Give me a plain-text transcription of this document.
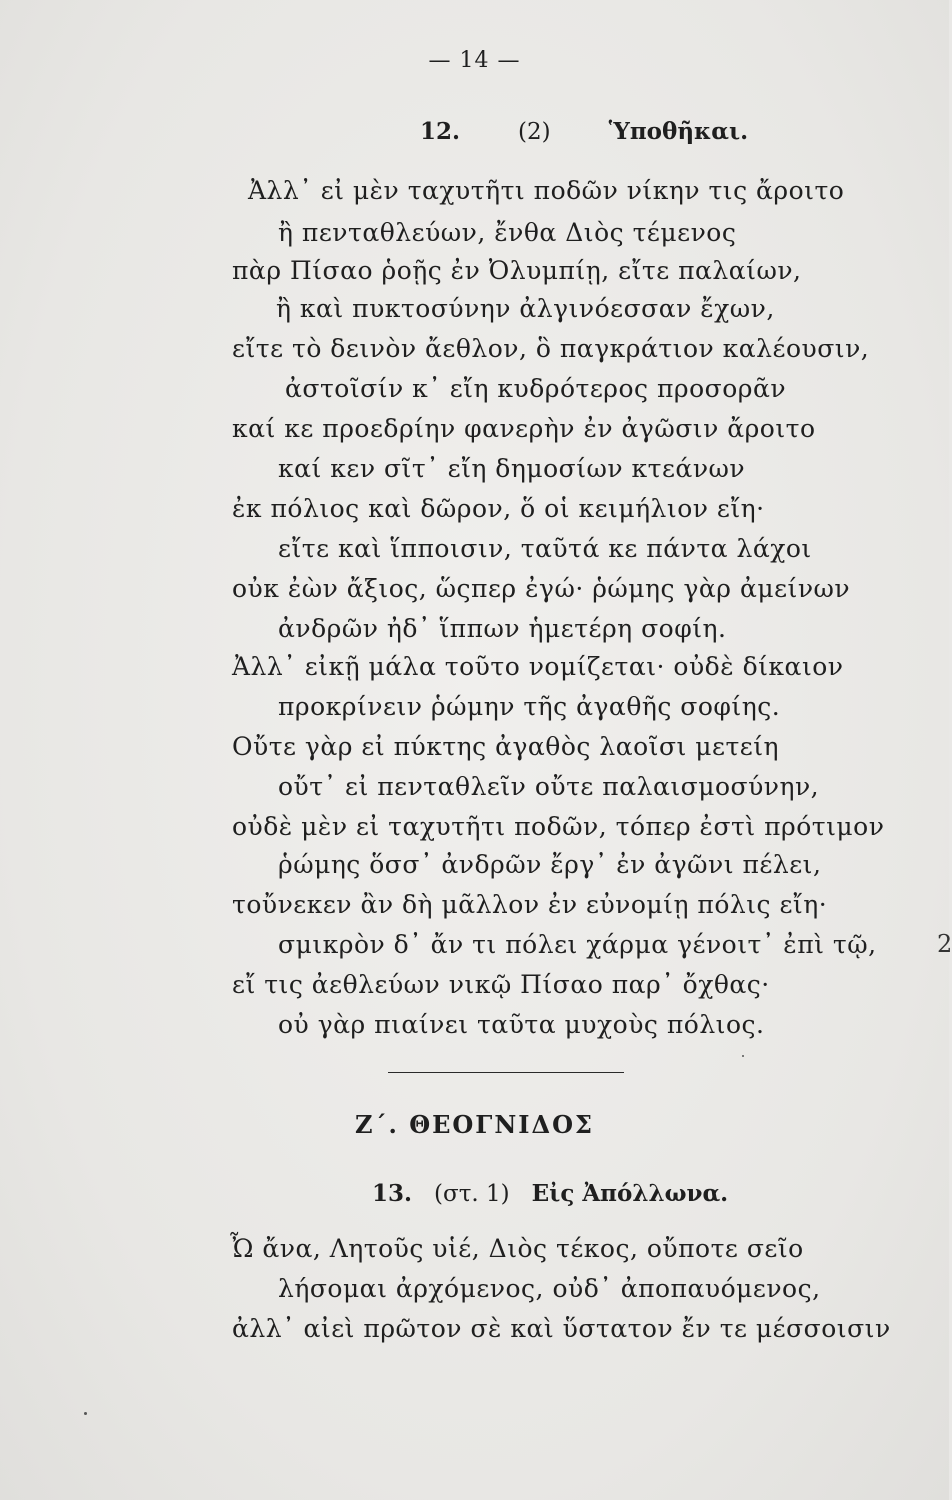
— 14 —
12.	(2)	Ὑποθῆκαι.
Ἀλλ᾿ εἰ μὲν ταχυτῆτι ποδῶν νίκην τις ἄροιτο
ἢ πενταθλεύων, ἔνθα Διὸς τέμενος
πὰρ Πίσαο ῥοῇς ἐν Ὀλυμπίῃ, εἴτε παλαίων,
ἢ καὶ πυκτοσύνην ἀλγινόεσσαν ἔχων,
εἴτε τὸ δεινὸν ἄεθλον, ὃ παγκράτιον καλέουσιν,
ἀστοῖσίν κ᾿ εἴη κυδρότερος προσορᾶν
καί κε προεδρίην φανερὴν ἐν ἀγῶσιν ἄροιτο
καί κεν σῖτ᾿ εἴη δημοσίων κτεάνων
ἐκ πόλιος καὶ δῶρον, ὅ οἱ κειμήλιον εἴη·
εἴτε καὶ ἵπποισιν, ταῦτά κε πάντα λάχοι
οὐκ ἐὼν ἄξιος, ὥςπερ ἐγώ· ῥώμης γὰρ ἀμείνων
ἀνδρῶν ἠδ᾿ ἵππων ἡμετέρη σοφίη.
Ἀλλ᾿ εἰκῇ μάλα τοῦτο νομίζεται· οὐδὲ δίκαιον
προκρίνειν ῥώμην τῆς ἀγαθῆς σοφίης.
Οὔτε γὰρ εἰ πύκτης ἀγαθὸς λαοῖσι μετείη
οὔτ᾿ εἰ πενταθλεῖν οὔτε παλαισμοσύνην,
οὐδὲ μὲν εἰ ταχυτῆτι ποδῶν, τόπερ ἐστὶ πρότιμον
ῥώμης ὅσσ᾿ ἀνδρῶν ἔργ᾿ ἐν ἀγῶνι πέλει,
τοὔνεκεν ἂν δὴ μᾶλλον ἐν εὐνομίῃ πόλις εἴη·
σμικρὸν δ᾿ ἄν τι πόλει χάρμα γένοιτ᾿ ἐπὶ τῷ,
εἴ τις ἀεθλεύων νικῷ Πίσαο παρ᾿ ὄχθας·
οὐ γὰρ πιαίνει ταῦτα μυχοὺς πόλιος.
Ζ΄. ΘΕΟΓΝΙΔΟΣ
13. (στ. 1) Εἰς Ἀπόλλωνα.
Ὦ ἄνα, Λητοῦς υἱέ, Διὸς τέκος, οὔποτε σεῖο
λήσομαι ἀρχόμενος, οὐδ᾿ ἀποπαυόμενος,
ἀλλ᾿ αἰεὶ πρῶτον σὲ καὶ ὕστατον ἔν τε μέσσοισιν
2
